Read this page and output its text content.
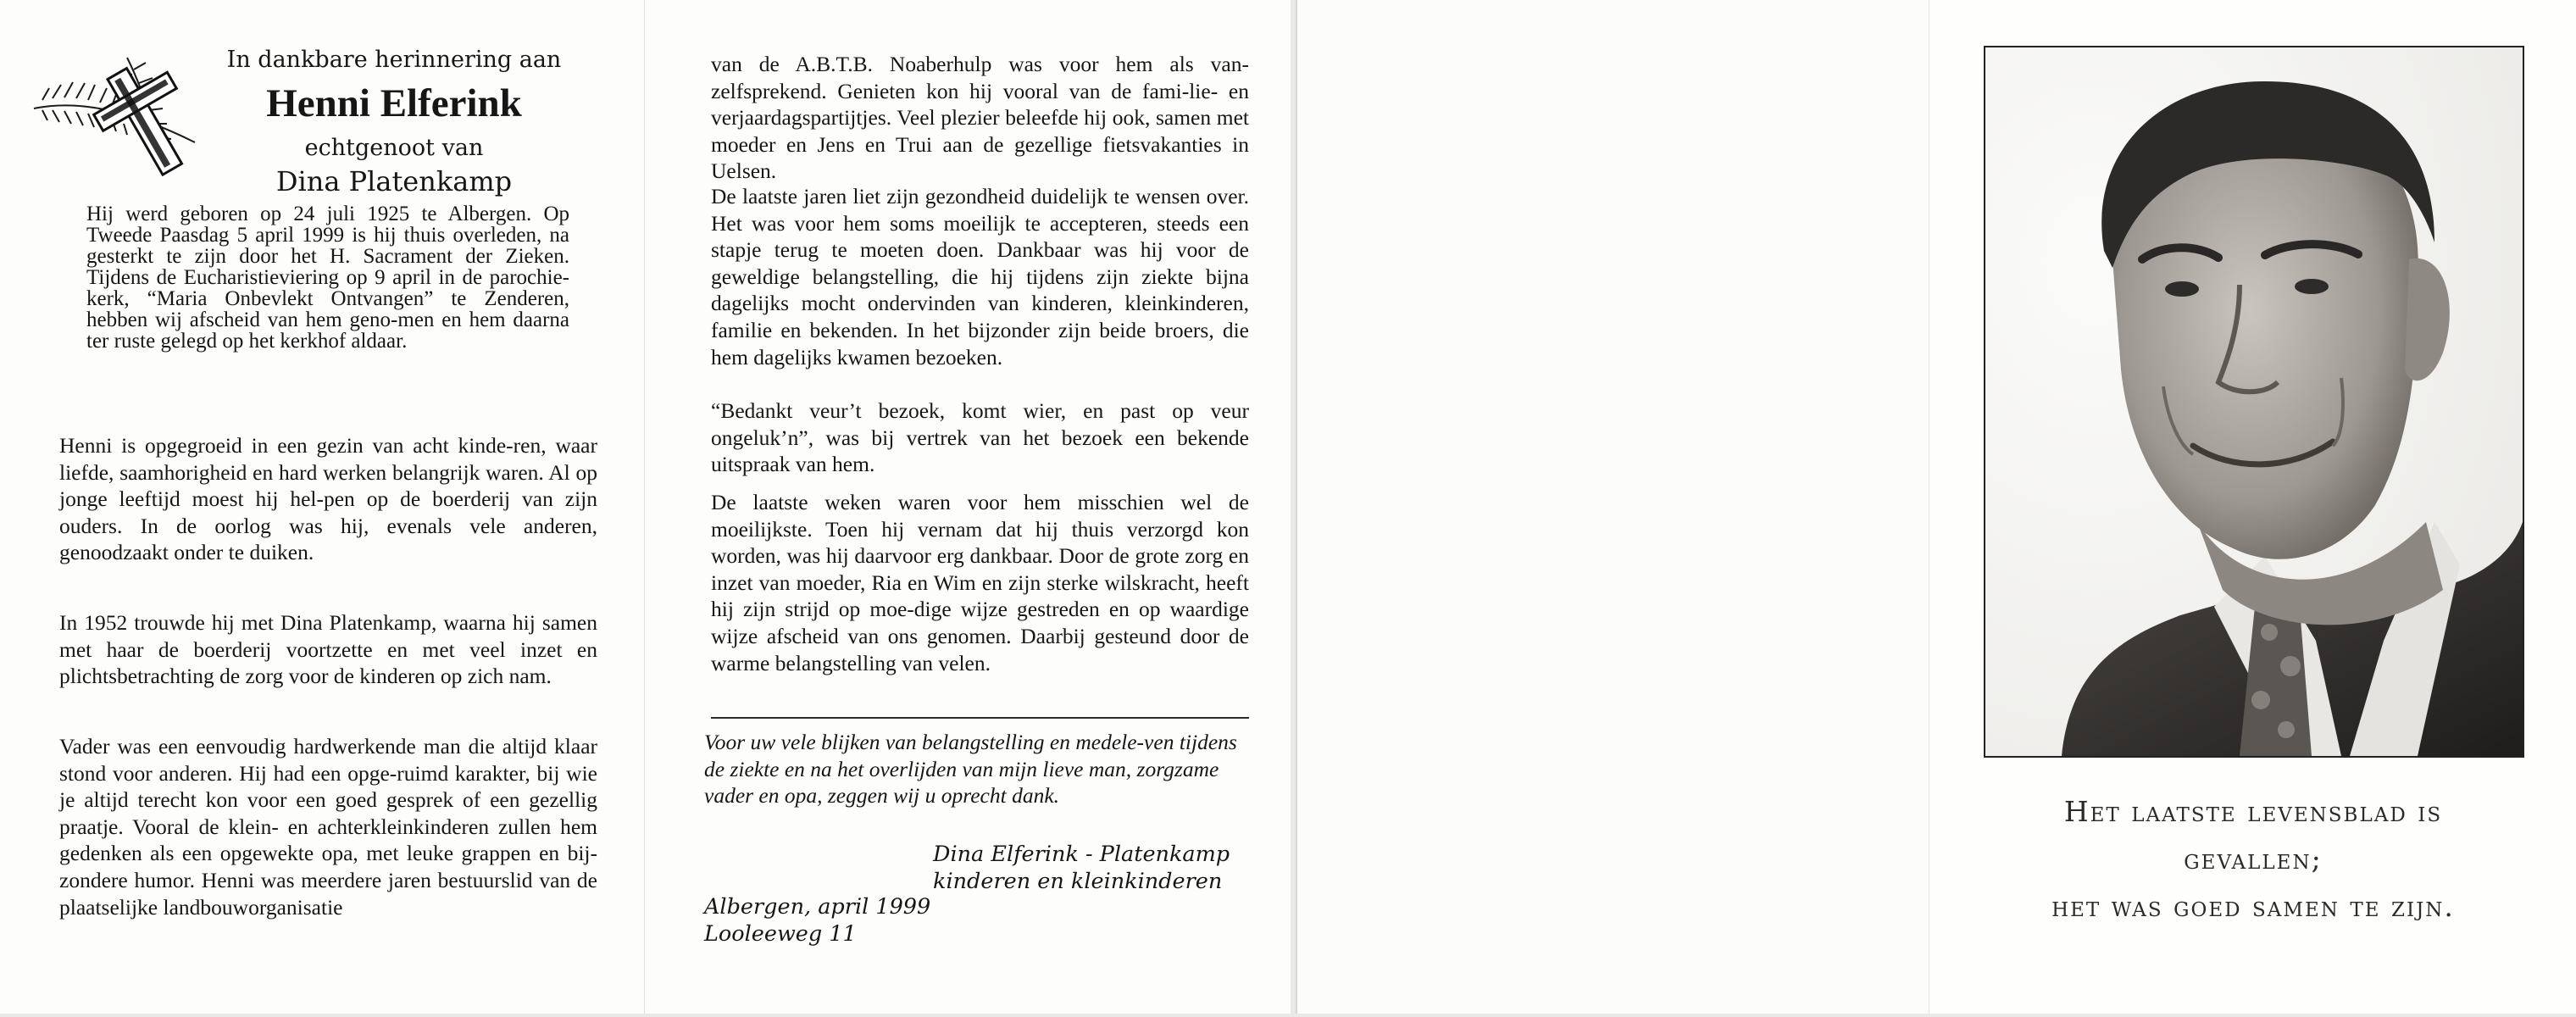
In dankbare herinnering aan
Henni Elferink
echtgenoot van
Dina Platenkamp

Hij werd geboren op 24 juli 1925 te Albergen. Op Tweede Paasdag 5 april 1999 is hij thuis overleden, na gesterkt te zijn door het H. Sacrament der Zieken. Tijdens de Eucharistieviering op 9 april in de parochie-kerk, “Maria Onbevlekt Ontvangen” te Zenderen, hebben wij afscheid van hem geno-men en hem daarna ter ruste gelegd op het kerkhof aldaar.

Henni is opgegroeid in een gezin van acht kinde-ren, waar liefde, saamhorigheid en hard werken belangrijk waren. Al op jonge leeftijd moest hij hel-pen op de boerderij van zijn ouders. In de oorlog was hij, evenals vele anderen, genoodzaakt onder te duiken.

In 1952 trouwde hij met Dina Platenkamp, waarna hij samen met haar de boerderij voortzette en met veel inzet en plichtsbetrachting de zorg voor de kinderen op zich nam.

Vader was een eenvoudig hardwerkende man die altijd klaar stond voor anderen. Hij had een opge-ruimd karakter, bij wie je altijd terecht kon voor een goed gesprek of een gezellig praatje. Vooral de klein- en achterkleinkinderen zullen hem gedenken als een opgewekte opa, met leuke grappen en bij-zondere humor. Henni was meerdere jaren bestuurslid van de plaatselijke landbouworganisatie

van de A.B.T.B. Noaberhulp was voor hem als van-zelfsprekend. Genieten kon hij vooral van de fami-lie- en verjaardagspartijtjes. Veel plezier beleefde hij ook, samen met moeder en Jens en Trui aan de gezellige fietsvakanties in Uelsen.

De laatste jaren liet zijn gezondheid duidelijk te wensen over. Het was voor hem soms moeilijk te accepteren, steeds een stapje terug te moeten doen. Dankbaar was hij voor de geweldige belangstelling, die hij tijdens zijn ziekte bijna dagelijks mocht ondervinden van kinderen, kleinkinderen, familie en bekenden. In het bijzonder zijn beide broers, die hem dagelijks kwamen bezoeken.

“Bedankt veur’t bezoek, komt wier, en past op veur ongeluk’n”, was bij vertrek van het bezoek een bekende uitspraak van hem.

De laatste weken waren voor hem misschien wel de moeilijkste. Toen hij vernam dat hij thuis verzorgd kon worden, was hij daarvoor erg dankbaar. Door de grote zorg en inzet van moeder, Ria en Wim en zijn sterke wilskracht, heeft hij zijn strijd op moe-dige wijze gestreden en op waardige wijze afscheid van ons genomen. Daarbij gesteund door de warme belangstelling van velen.

Voor uw vele blijken van belangstelling en medele-ven tijdens de ziekte en na het overlijden van mijn lieve man, zorgzame vader en opa, zeggen wij u oprecht dank.

Dina Elferink - Platenkamp
kinderen en kleinkinderen
Albergen, april 1999
Looleeweg 11
Het laatste levensblad is
gevallen;
het was goed samen te zijn.
